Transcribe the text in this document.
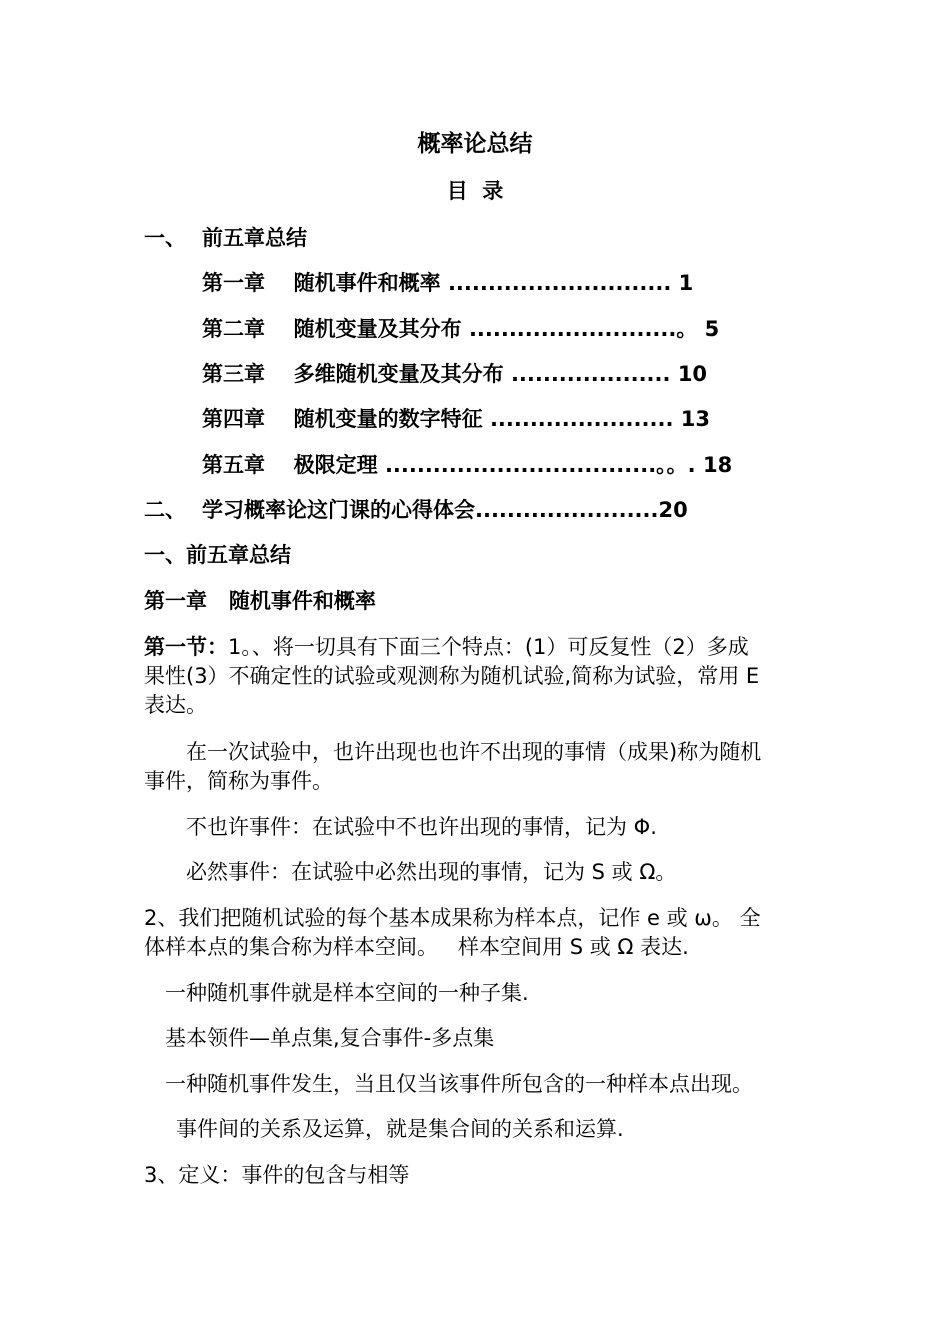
概率论总结
目  录
一、 前五章总结
第一章 随机事件和概率 ............................ 1
第二章 随机变量及其分布 ..........................。 5
第三章 多维随机变量及其分布 .................... 10
第四章 随机变量的数字特征 ....................... 13
第五章 极限定理 ..................................。。. 18
二、 学习概率论这门课的心得体会.......................20
一、前五章总结
第一章   随机事件和概率
第一节：1。、将一切具有下面三个特点：(1）可反复性（2）多成
果性(3）不确定性的试验或观测称为随机试验,简称为试验，常用 E
表达。
在一次试验中，也许出现也也许不出现的事情（成果)称为随机
事件，简称为事件。
不也许事件：在试验中不也许出现的事情，记为 Φ.
必然事件：在试验中必然出现的事情，记为 S 或 Ω。
2、我们把随机试验的每个基本成果称为样本点，记作 e 或 ω。 全
体样本点的集合称为样本空间。   样本空间用 S 或 Ω 表达.
一种随机事件就是样本空间的一种子集.
基本领件—单点集,复合事件-多点集
一种随机事件发生，当且仅当该事件所包含的一种样本点出现。
事件间的关系及运算，就是集合间的关系和运算.
3、定义：事件的包含与相等
